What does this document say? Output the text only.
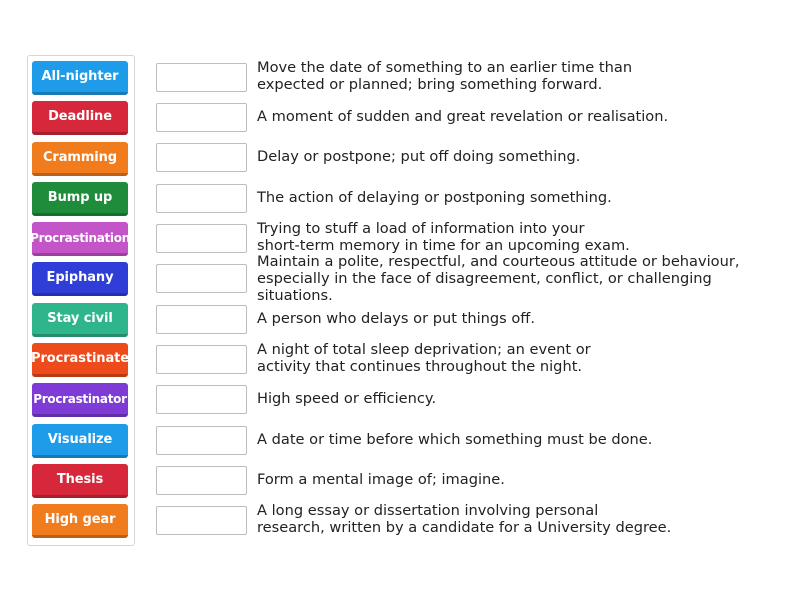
All-nighter
Deadline
Cramming
Bump up
Procrastination
Epiphany
Stay civil
Procrastinate
Procrastinator
Visualize
Thesis
High gear
Move the date of something to an earlier time than
expected or planned; bring something forward.
A moment of sudden and great revelation or realisation.
Delay or postpone; put off doing something.
The action of delaying or postponing something.
Trying to stuff a load of information into your
short-term memory in time for an upcoming exam.
Maintain a polite, respectful, and courteous attitude or behaviour,
especially in the face of disagreement, conflict, or challenging situations.
A person who delays or put things off.
A night of total sleep deprivation; an event or
activity that continues throughout the night.
High speed or efficiency.
A date or time before which something must be done.
Form a mental image of; imagine.
A long essay or dissertation involving personal
research, written by a candidate for a University degree.
